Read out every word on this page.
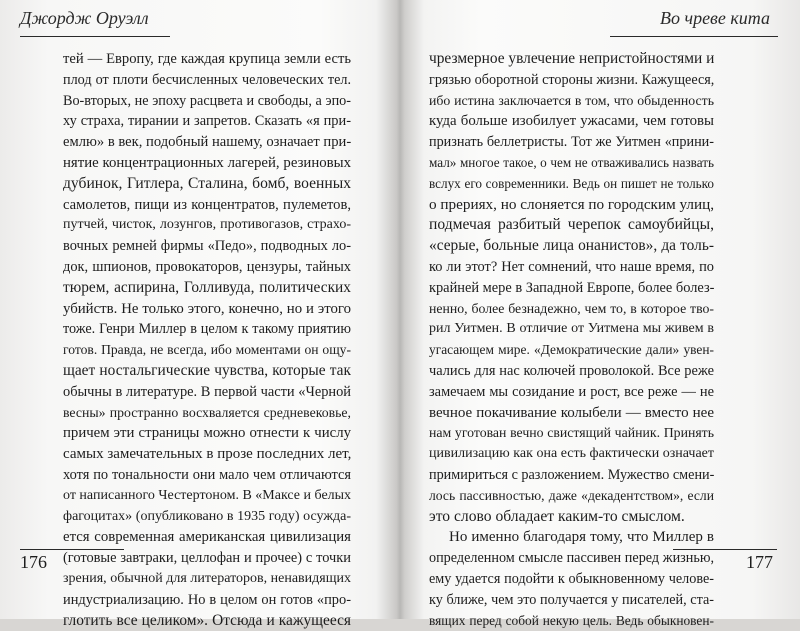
Джордж Оруэлл
тей — Европу, где каждая крупица земли есть
плод от плоти бесчисленных человеческих тел.
Во-вторых, не эпоху расцвета и свободы, а эпо-
ху страха, тирании и запретов. Сказать «я при-
емлю» в век, подобный нашему, означает при-
нятие концентрационных лагерей, резиновых
дубинок, Гитлера, Сталина, бомб, военных
самолетов, пищи из концентратов, пулеметов,
путчей, чисток, лозунгов, противогазов, страхо-
вочных ремней фирмы «Педо», подводных ло-
док, шпионов, провокаторов, цензуры, тайных
тюрем, аспирина, Голливуда, политических
убийств. Не только этого, конечно, но и этого
тоже. Генри Миллер в целом к такому приятию
готов. Правда, не всегда, ибо моментами он ощу-
щает ностальгические чувства, которые так
обычны в литературе. В первой части «Черной
весны» пространно восхваляется средневековье,
причем эти страницы можно отнести к числу
самых замечательных в прозе последних лет,
хотя по тональности они мало чем отличаются
от написанного Честертоном. В «Максе и белых
фагоцитах» (опубликовано в 1935 году) осужда-
ется современная американская цивилизация
(готовые завтраки, целлофан и прочее) с точки
зрения, обычной для литераторов, ненавидящих
индустриализацию. Но в целом он готов «про-
глотить все целиком». Отсюда и кажущееся
176
Во чреве кита
чрезмерное увлечение непристойностями и
грязью оборотной стороны жизни. Кажущееся,
ибо истина заключается в том, что обыденность
куда больше изобилует ужасами, чем готовы
признать беллетристы. Тот же Уитмен «прини-
мал» многое такое, о чем не отваживались назвать
вслух его современники. Ведь он пишет не только
о прериях, но слоняется по городским улиц,
подмечая разбитый черепок самоубийцы,
«серые, больные лица онанистов», да толь-
ко ли этот? Нет сомнений, что наше время, по
крайней мере в Западной Европе, более болез-
ненно, более безнадежно, чем то, в которое тво-
рил Уитмен. В отличие от Уитмена мы живем в
угасающем мире. «Демократические дали» увен-
чались для нас колючей проволокой. Все реже
замечаем мы созидание и рост, все реже — не
вечное покачивание колыбели — вместо нее
нам уготован вечно свистящий чайник. Принять
цивилизацию как она есть фактически означает
примириться с разложением. Мужество смени-
лось пассивностью, даже «декадентством», если
это слово обладает каким-то смыслом.
Но именно благодаря тому, что Миллер в
определенном смысле пассивен перед жизнью,
ему удается подойти к обыкновенному челове-
ку ближе, чем это получается у писателей, ста-
вящих перед собой некую цель. Ведь обыкновен-
177
